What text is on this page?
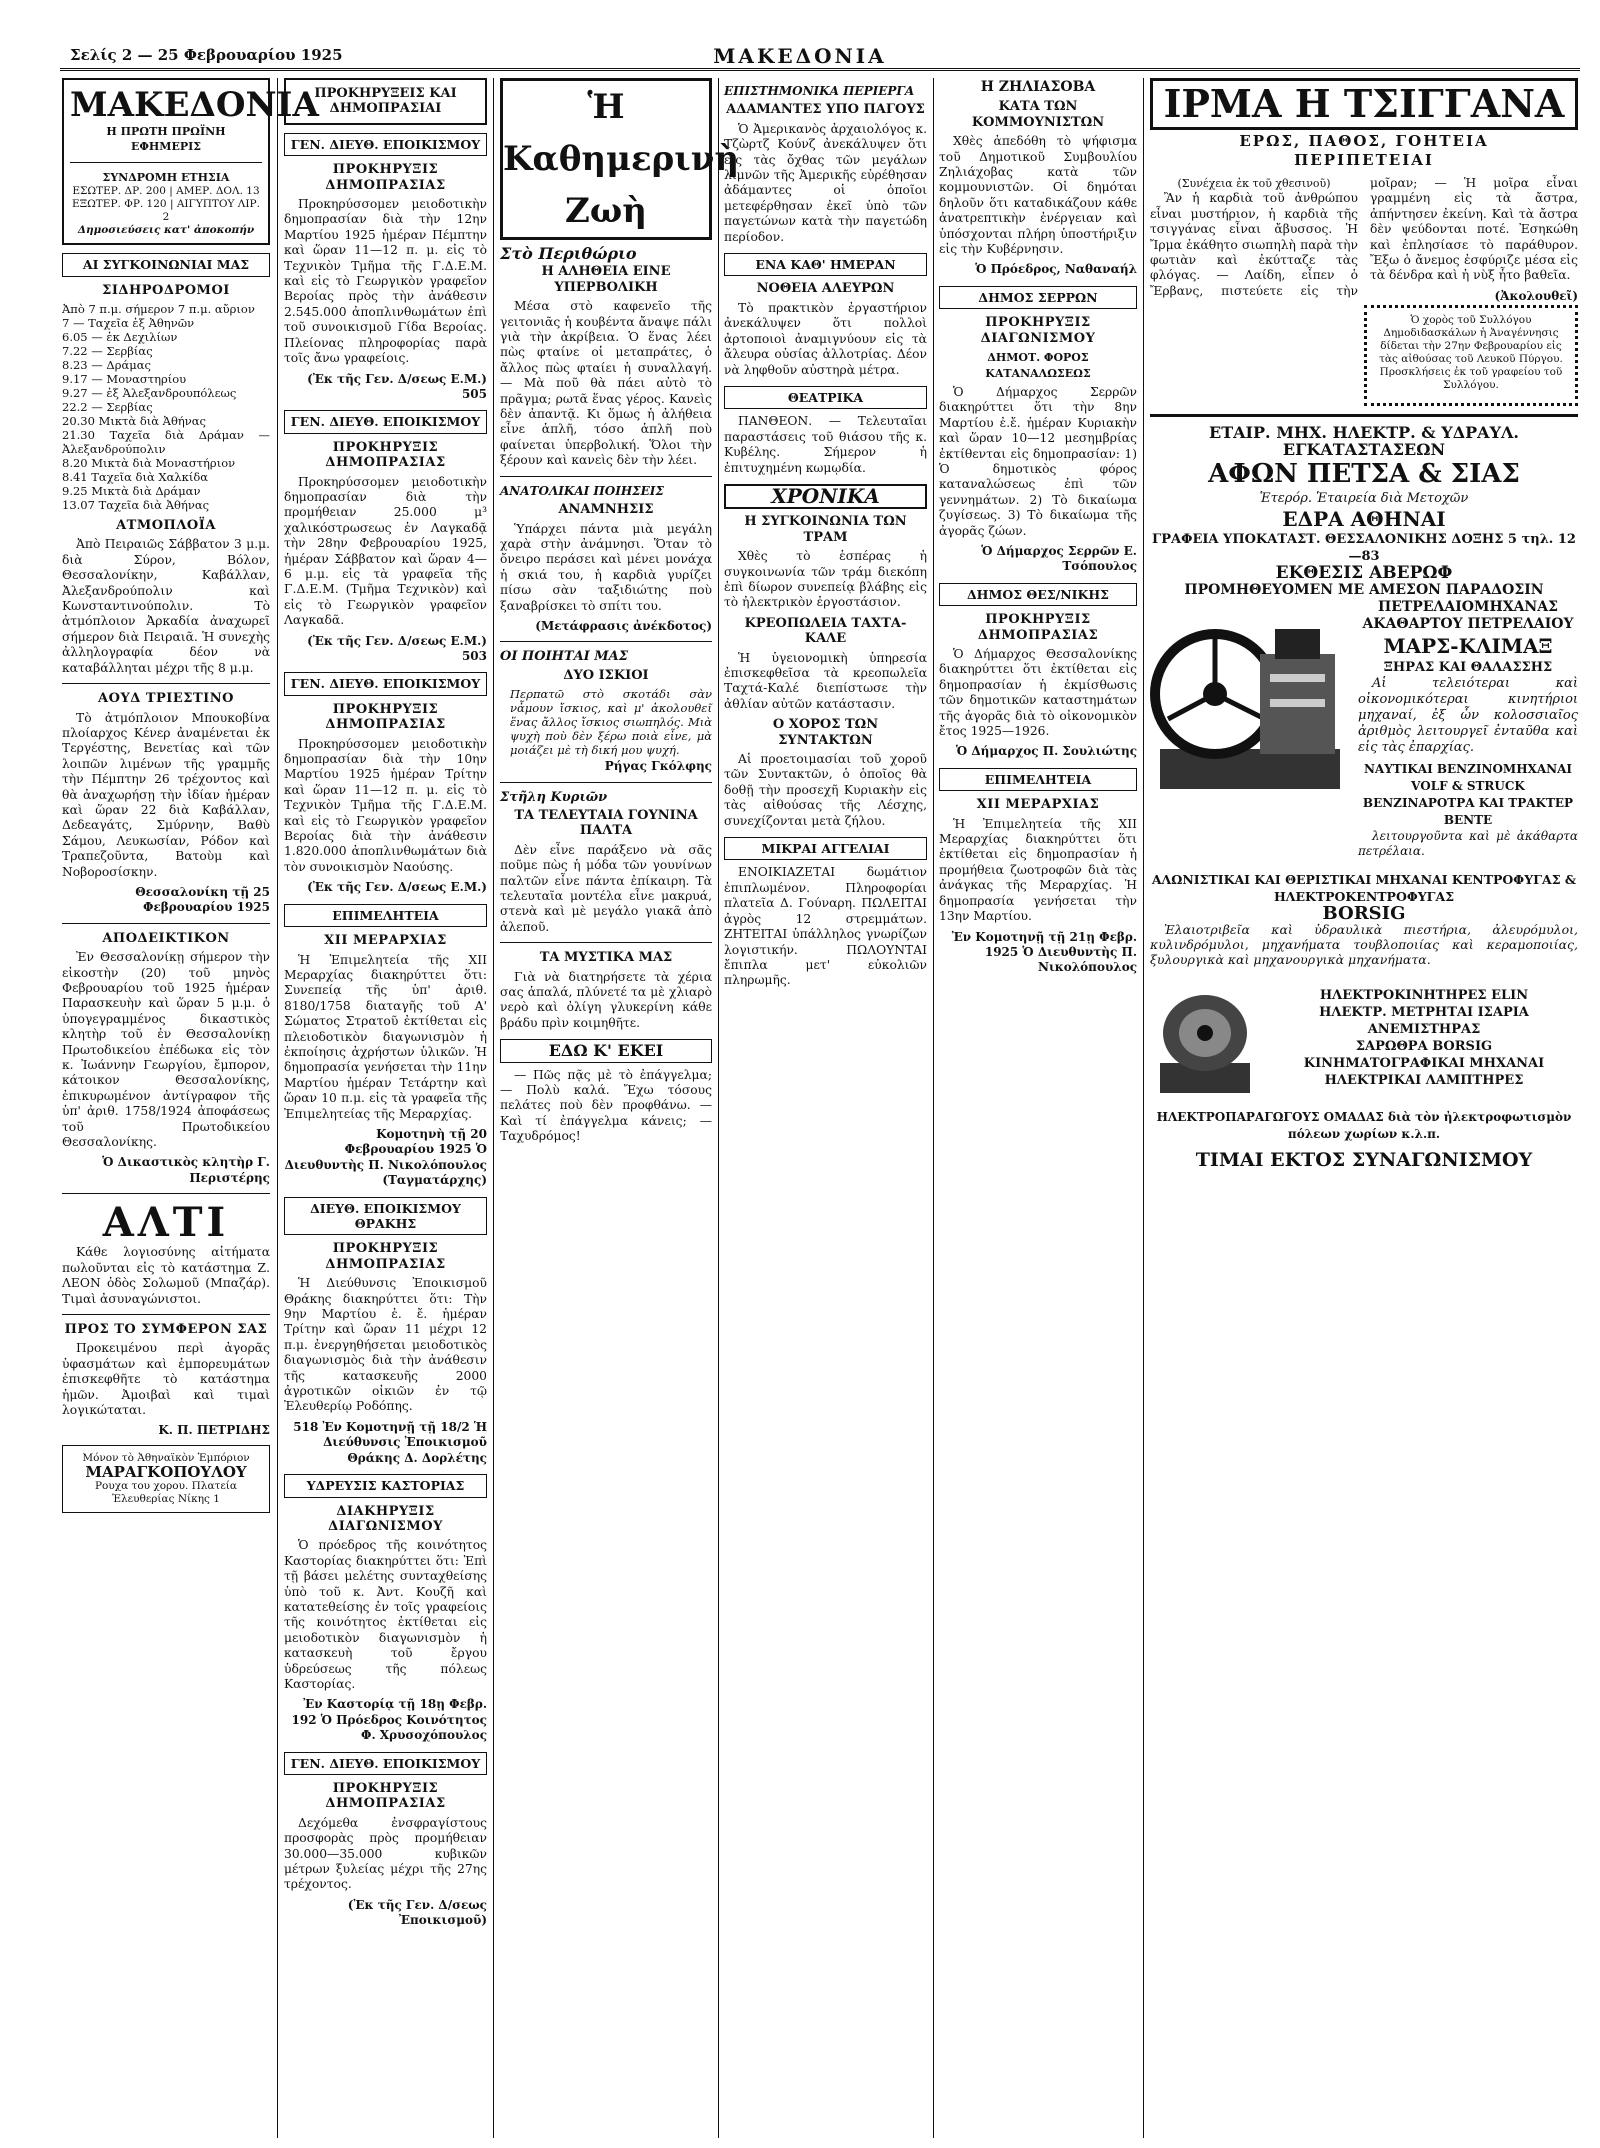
Σελίς 2 — 25 Φεβρουαρίου 1925	ΜΑΚΕΔΟΝΙΑ
ΜΑΚΕΔΟΝΙΑ
Η ΠΡΩΤΗ ΠΡΩΪΝΗ ΕΦΗΜΕΡΙΣ
ΣΥΝΔΡΟΜΗ ΕΤΗΣΙΑ
ΕΣΩΤΕΡ. ΔΡ. 200 | ΑΜΕΡ. ΔΟΛ. 13
ΕΞΩΤΕΡ. ΦΡ. 120 | ΑΙΓΥΠΤΟΥ ΛΙΡ. 2
Δημοσιεύσεις κατ' ἀποκοπήν
ΑΙ ΣΥΓΚΟΙΝΩΝΙΑΙ ΜΑΣ
ΣΙΔΗΡΟΔΡΟΜΟΙ
Ἀπὸ 7 π.μ. σήμερον 7 π.μ. αὔριον
7 — Ταχεῖα ἐξ Ἀθηνῶν
6.05 — ἐκ Δεχιλίων
7.22 — Σερβίας
8.23 — Δράμας
9.17 — Μοναστηρίου
9.27 — ἐξ Ἀλεξανδρουπόλεως
22.2 — Σερβίας
20.30 Μικτὰ διὰ Ἀθήνας
21.30 Ταχεῖα διὰ Δράμαν — Ἀλεξανδρούπολιν
8.20 Μικτὰ διὰ Μοναστήριον
8.41 Ταχεῖα διὰ Χαλκίδα
9.25 Μικτὰ διὰ Δράμαν
13.07 Ταχεῖα διὰ Ἀθήνας
ΑΤΜΟΠΛΟΪΑ

Ἀπὸ Πειραιῶς Σάββατον 3 μ.μ. διὰ Σύρον, Βόλον, Θεσσαλονίκην, Καβάλλαν, Ἀλεξανδρούπολιν καὶ Κωνσταντινούπολιν. Τὸ ἀτμόπλοιον Ἀρκαδία ἀναχωρεῖ σήμερον διὰ Πειραιᾶ. Ἡ συνεχὴς ἀλληλογραφία δέον νὰ καταβάλληται μέχρι τῆς 8 μ.μ.

ΑΟΥΔ ΤΡΙΕΣΤΙΝΟ

Τὸ ἀτμόπλοιον Μπουκοβίνα πλοίαρχος Κένερ ἀναμένεται ἐκ Τεργέστης, Βενετίας καὶ τῶν λοιπῶν λιμένων τῆς γραμμῆς τὴν Πέμπτην 26 τρέχοντος καὶ θὰ ἀναχωρήσῃ τὴν ἰδίαν ἡμέραν καὶ ὥραν 22 διὰ Καβάλλαν, Δεδεαγάτς, Σμύρνην, Βαθὺ Σάμου, Λευκωσίαν, Ρόδον καὶ Τραπεζοῦντα, Βατοὺμ καὶ Νοβοροσίσκην.

Θεσσαλονίκη τῇ 25 Φεβρουαρίου 1925
ΑΠΟΔΕΙΚΤΙΚΟΝ

Ἐν Θεσσαλονίκῃ σήμερον τὴν εἰκοστὴν (20) τοῦ μηνὸς Φεβρουαρίου τοῦ 1925 ἡμέραν Παρασκευὴν καὶ ὥραν 5 μ.μ. ὁ ὑπογεγραμμένος δικαστικὸς κλητὴρ τοῦ ἐν Θεσσαλονίκῃ Πρωτοδικείου ἐπέδωκα εἰς τὸν κ. Ἰωάννην Γεωργίου, ἔμπορον, κάτοικον Θεσσαλονίκης, ἐπικυρωμένον ἀντίγραφον τῆς ὑπ' ἀριθ. 1758/1924 ἀποφάσεως τοῦ Πρωτοδικείου Θεσσαλονίκης.

Ὁ Δικαστικὸς κλητὴρ Γ. Περιστέρης
ΑΛΤΙ

Κάθε λογιοσύνης αἰτήματα πωλοῦνται εἰς τὸ κατάστημα Ζ. ΛΕΟΝ ὁδὸς Σολωμοῦ (Μπαζάρ). Τιμαὶ ἀσυναγώνιστοι.

ΠΡΟΣ ΤΟ ΣΥΜΦΕΡΟΝ ΣΑΣ

Προκειμένου περὶ ἀγορᾶς ὑφασμάτων καὶ ἐμπορευμάτων ἐπισκεφθῆτε τὸ κατάστημα ἡμῶν. Ἀμοιβαὶ καὶ τιμαὶ λογικώταται.

Κ. Π. ΠΕΤΡΙΔΗΣ
Μόνον τὸ Ἀθηναϊκὸν Ἐμπόριον
ΜΑΡΑΓΚΟΠΟΥΛΟΥ
Ρουχα του χορου. Πλατεία Ἐλευθερίας Νίκης 1
ΠΡΟΚΗΡΥΞΕΙΣ ΚΑΙ ΔΗΜΟΠΡΑΣΙΑΙ
ΓΕΝ. ΔΙΕΥΘ. ΕΠΟΙΚΙΣΜΟΥ
ΠΡΟΚΗΡΥΞΙΣ ΔΗΜΟΠΡΑΣΙΑΣ

Προκηρύσσομεν μειοδοτικὴν δημοπρασίαν διὰ τὴν 12ην Μαρτίου 1925 ἡμέραν Πέμπτην καὶ ὥραν 11—12 π. μ. εἰς τὸ Τεχνικὸν Τμῆμα τῆς Γ.Δ.Ε.Μ. καὶ εἰς τὸ Γεωργικὸν γραφεῖον Βεροίας πρὸς τὴν ἀνάθεσιν 2.545.000 ἀποπλινθωμάτων ἐπὶ τοῦ συνοικισμοῦ Γίδα Βεροίας. Πλείονας πληροφορίας παρὰ τοῖς ἄνω γραφείοις.

(Ἐκ τῆς Γεν. Δ/σεως Ε.Μ.) 505
ΓΕΝ. ΔΙΕΥΘ. ΕΠΟΙΚΙΣΜΟΥ
ΠΡΟΚΗΡΥΞΙΣ ΔΗΜΟΠΡΑΣΙΑΣ

Προκηρύσσομεν μειοδοτικὴν δημοπρασίαν διὰ τὴν προμήθειαν 25.000 μ³ χαλικόστρωσεως ἐν Λαγκαδᾷ τὴν 28ην Φεβρουαρίου 1925, ἡμέραν Σάββατον καὶ ὥραν 4—6 μ.μ. εἰς τὰ γραφεῖα τῆς Γ.Δ.Ε.Μ. (Τμῆμα Τεχνικὸν) καὶ εἰς τὸ Γεωργικὸν γραφεῖον Λαγκαδᾶ.

(Ἐκ τῆς Γεν. Δ/σεως Ε.Μ.) 503
ΓΕΝ. ΔΙΕΥΘ. ΕΠΟΙΚΙΣΜΟΥ
ΠΡΟΚΗΡΥΞΙΣ ΔΗΜΟΠΡΑΣΙΑΣ

Προκηρύσσομεν μειοδοτικὴν δημοπρασίαν διὰ τὴν 10ην Μαρτίου 1925 ἡμέραν Τρίτην καὶ ὥραν 11—12 π. μ. εἰς τὸ Τεχνικὸν Τμῆμα τῆς Γ.Δ.Ε.Μ. καὶ εἰς τὸ Γεωργικὸν γραφεῖον Βεροίας διὰ τὴν ἀνάθεσιν 1.820.000 ἀποπλινθωμάτων διὰ τὸν συνοικισμὸν Ναούσης.

(Ἐκ τῆς Γεν. Δ/σεως Ε.Μ.)
ΕΠΙΜΕΛΗΤΕΙΑ
ΧΙΙ ΜΕΡΑΡΧΙΑΣ

Ἡ Ἐπιμελητεία τῆς ΧΙΙ Μεραρχίας διακηρύττει ὅτι: Συνεπείᾳ τῆς ὑπ' ἀριθ. 8180/1758 διαταγῆς τοῦ Α' Σώματος Στρατοῦ ἐκτίθεται εἰς πλειοδοτικὸν διαγωνισμὸν ἡ ἐκποίησις ἀχρήστων ὑλικῶν. Ἡ δημοπρασία γενήσεται τὴν 11ην Μαρτίου ἡμέραν Τετάρτην καὶ ὥραν 10 π.μ. εἰς τὰ γραφεῖα τῆς Ἐπιμελητείας τῆς Μεραρχίας.

Κομοτηνὴ τῇ 20 Φεβρουαρίου 1925 Ὁ Διευθυντὴς Π. Νικολόπουλος (Ταγματάρχης)
ΔΙΕΥΘ. ΕΠΟΙΚΙΣΜΟΥ ΘΡΑΚΗΣ
ΠΡΟΚΗΡΥΞΙΣ ΔΗΜΟΠΡΑΣΙΑΣ

Ἡ Διεύθυνσις Ἐποικισμοῦ Θράκης διακηρύττει ὅτι: Τὴν 9ην Μαρτίου ἐ. ἔ. ἡμέραν Τρίτην καὶ ὥραν 11 μέχρι 12 π.μ. ἐνεργηθήσεται μειοδοτικὸς διαγωνισμὸς διὰ τὴν ἀνάθεσιν τῆς κατασκευῆς 2000 ἀγροτικῶν οἰκιῶν ἐν τῷ Ἐλευθερίῳ Ροδόπης.

518 Ἐν Κομοτηνῇ τῇ 18/2 Ἡ Διεύθυνσις Ἐποικισμοῦ Θράκης Δ. Δορλέτης
ΥΔΡΕΥΣΙΣ ΚΑΣΤΟΡΙΑΣ
ΔΙΑΚΗΡΥΞΙΣ ΔΙΑΓΩΝΙΣΜΟΥ

Ὁ πρόεδρος τῆς κοινότητος Καστορίας διακηρύττει ὅτι: Ἐπὶ τῇ βάσει μελέτης συνταχθείσης ὑπὸ τοῦ κ. Ἀντ. Κουζῆ καὶ κατατεθείσης ἐν τοῖς γραφείοις τῆς κοινότητος ἐκτίθεται εἰς μειοδοτικὸν διαγωνισμὸν ἡ κατασκευὴ τοῦ ἔργου ὑδρεύσεως τῆς πόλεως Καστορίας.

Ἐν Καστορίᾳ τῇ 18ῃ Φεβρ. 192 Ὁ Πρόεδρος Κοινότητος Φ. Χρυσοχόπουλος
ΓΕΝ. ΔΙΕΥΘ. ΕΠΟΙΚΙΣΜΟΥ
ΠΡΟΚΗΡΥΞΙΣ ΔΗΜΟΠΡΑΣΙΑΣ

Δεχόμεθα ἐνσφραγίστους προσφορὰς πρὸς προμήθειαν 30.000—35.000 κυβικῶν μέτρων ξυλείας μέχρι τῆς 27ης τρέχοντος.

(Ἐκ τῆς Γεν. Δ/σεως Ἐποικισμοῦ)
Ἡ Καθημερινὴ Ζωὴ
Στὸ Περιθώριο
Η ΑΛΗΘΕΙΑ ΕΙΝΕ ΥΠΕΡΒΟΛΙΚΗ

Μέσα στὸ καφενεῖο τῆς γειτονιᾶς ἡ κουβέντα ἄναψε πάλι γιὰ τὴν ἀκρίβεια. Ὁ ἕνας λέει πὼς φταίνε οἱ μεταπράτες, ὁ ἄλλος πὼς φταίει ἡ συναλλαγή. — Μὰ ποῦ θὰ πάει αὐτὸ τὸ πρᾶγμα; ρωτᾶ ἕνας γέρος. Κανεὶς δὲν ἀπαντᾷ. Κι ὅμως ἡ ἀλήθεια εἶνε ἁπλῆ, τόσο ἁπλῆ ποὺ φαίνεται ὑπερβολική. Ὅλοι τὴν ξέρουν καὶ κανεὶς δὲν τὴν λέει.

ΑΝΑΤΟΛΙΚΑΙ ΠΟΙΗΣΕΙΣ
ΑΝΑΜΝΗΣΙΣ

Ὑπάρχει πάντα μιὰ μεγάλη χαρὰ στὴν ἀνάμνησι. Ὅταν τὸ ὄνειρο περάσει καὶ μένει μονάχα ἡ σκιά του, ἡ καρδιὰ γυρίζει πίσω σὰν ταξιδιώτης ποὺ ξαναβρίσκει τὸ σπίτι του.

(Μετάφρασις ἀνέκδοτος)
ΟΙ ΠΟΙΗΤΑΙ ΜΑΣ
ΔΥΟ ΙΣΚΙΟΙ
Περπατῶ στὸ σκοτάδι σὰν νἆμουν ἴσκιος, καὶ μ' ἀκολουθεῖ ἕνας ἄλλος ἴσκιος σιωπηλός. Μιὰ ψυχὴ ποὺ δὲν ξέρω ποιὰ εἶνε, μὰ μοιάζει μὲ τὴ δική μου ψυχή.
Ρήγας Γκόλφης
Στῆλη Κυριῶν
ΤΑ ΤΕΛΕΥΤΑΙΑ ΓΟΥΝΙΝΑ ΠΑΛΤΑ

Δὲν εἶνε παράξενο νὰ σᾶς ποῦμε πὼς ἡ μόδα τῶν γουνίνων παλτῶν εἶνε πάντα ἐπίκαιρη. Τὰ τελευταῖα μοντέλα εἶνε μακρυά, στενὰ καὶ μὲ μεγάλο γιακᾶ ἀπὸ ἀλεποῦ.

ΤΑ ΜΥΣΤΙΚΑ ΜΑΣ

Γιὰ νὰ διατηρήσετε τὰ χέρια σας ἁπαλά, πλύνετέ τα μὲ χλιαρὸ νερὸ καὶ ὀλίγη γλυκερίνη κάθε βράδυ πρὶν κοιμηθῆτε.

ΕΔΩ Κ' ΕΚΕΙ

— Πῶς πᾷς μὲ τὸ ἐπάγγελμα; — Πολὺ καλά. Ἔχω τόσους πελάτες ποὺ δὲν προφθάνω. — Καὶ τί ἐπάγγελμα κάνεις; — Ταχυδρόμος!

ΕΠΙΣΤΗΜΟΝΙΚΑ ΠΕΡΙΕΡΓΑ
ΑΔΑΜΑΝΤΕΣ ΥΠΟ ΠΑΓΟΥΣ

Ὁ Ἀμερικανὸς ἀρχαιολόγος κ. Τζὼρτζ Κούνζ ἀνεκάλυψεν ὅτι εἰς τὰς ὄχθας τῶν μεγάλων λιμνῶν τῆς Ἀμερικῆς εὑρέθησαν ἀδάμαντες οἱ ὁποῖοι μετεφέρθησαν ἐκεῖ ὑπὸ τῶν παγετώνων κατὰ τὴν παγετώδη περίοδον.

ΕΝΑ ΚΑΘ' ΗΜΕΡΑΝ
ΝΟΘΕΙΑ ΑΛΕΥΡΩΝ

Τὸ πρακτικὸν ἐργαστήριον ἀνεκάλυψεν ὅτι πολλοὶ ἀρτοποιοὶ ἀναμιγνύουν εἰς τὰ ἄλευρα οὐσίας ἀλλοτρίας. Δέον νὰ ληφθοῦν αὐστηρὰ μέτρα.

ΘΕΑΤΡΙΚΑ

ΠΑΝΘΕΟΝ. — Τελευταῖαι παραστάσεις τοῦ θιάσου τῆς κ. Κυβέλης. Σήμερον ἡ ἐπιτυχημένη κωμῳδία.

ΧΡΟΝΙΚΑ
Η ΣΥΓΚΟΙΝΩΝΙΑ ΤΩΝ ΤΡΑΜ

Χθὲς τὸ ἑσπέρας ἡ συγκοινωνία τῶν τράμ διεκόπη ἐπὶ δίωρον συνεπείᾳ βλάβης εἰς τὸ ἠλεκτρικὸν ἐργοστάσιον.

ΚΡΕΟΠΩΛΕΙΑ ΤΑΧΤΑ-ΚΑΛΕ

Ἡ ὑγειονομικὴ ὑπηρεσία ἐπισκεφθεῖσα τὰ κρεοπωλεῖα Ταχτά-Καλέ διεπίστωσε τὴν ἀθλίαν αὐτῶν κατάστασιν.

Ο ΧΟΡΟΣ ΤΩΝ ΣΥΝΤΑΚΤΩΝ

Αἱ προετοιμασίαι τοῦ χοροῦ τῶν Συντακτῶν, ὁ ὁποῖος θὰ δοθῇ τὴν προσεχῆ Κυριακὴν εἰς τὰς αἰθούσας τῆς Λέσχης, συνεχίζονται μετὰ ζήλου.

ΜΙΚΡΑΙ ΑΓΓΕΛΙΑΙ

ΕΝΟΙΚΙΑΖΕΤΑΙ δωμάτιον ἐπιπλωμένον. Πληροφορίαι πλατεῖα Δ. Γούναρη. ΠΩΛΕΙΤΑΙ ἀγρὸς 12 στρεμμάτων. ΖΗΤΕΙΤΑΙ ὑπάλληλος γνωρίζων λογιστικήν. ΠΩΛΟΥΝΤΑΙ ἔπιπλα μετ' εὐκολιῶν πληρωμῆς.

Η ΖΗΛΙΑΣΟΒΑ
ΚΑΤΑ ΤΩΝ ΚΟΜΜΟΥΝΙΣΤΩΝ

Χθὲς ἀπεδόθη τὸ ψήφισμα τοῦ Δημοτικοῦ Συμβουλίου Ζηλιάχοβας κατὰ τῶν κομμουνιστῶν. Οἱ δημόται δηλοῦν ὅτι καταδικάζουν κάθε ἀνατρεπτικὴν ἐνέργειαν καὶ ὑπόσχονται πλήρη ὑποστήριξιν εἰς τὴν Κυβέρνησιν.

Ὁ Πρόεδρος, Ναθαναήλ
ΔΗΜΟΣ ΣΕΡΡΩΝ
ΠΡΟΚΗΡΥΞΙΣ ΔΙΑΓΩΝΙΣΜΟΥ
ΔΗΜΟΤ. ΦΟΡΟΣ ΚΑΤΑΝΑΛΩΣΕΩΣ

Ὁ Δήμαρχος Σερρῶν διακηρύττει ὅτι τὴν 8ην Μαρτίου ἐ.ἔ. ἡμέραν Κυριακὴν καὶ ὥραν 10—12 μεσημβρίας ἐκτίθενται εἰς δημοπρασίαν: 1) Ὁ δημοτικὸς φόρος καταναλώσεως ἐπὶ τῶν γεννημάτων. 2) Τὸ δικαίωμα ζυγίσεως. 3) Τὸ δικαίωμα τῆς ἀγορᾶς ζώων.

Ὁ Δήμαρχος Σερρῶν Ε. Τσόπουλος
ΔΗΜΟΣ ΘΕΣ/ΝΙΚΗΣ
ΠΡΟΚΗΡΥΞΙΣ ΔΗΜΟΠΡΑΣΙΑΣ

Ὁ Δήμαρχος Θεσσαλονίκης διακηρύττει ὅτι ἐκτίθεται εἰς δημοπρασίαν ἡ ἐκμίσθωσις τῶν δημοτικῶν καταστημάτων τῆς ἀγορᾶς διὰ τὸ οἰκονομικὸν ἔτος 1925—1926.

Ὁ Δήμαρχος Π. Σουλιώτης
ΕΠΙΜΕΛΗΤΕΙΑ
ΧΙΙ ΜΕΡΑΡΧΙΑΣ

Ἡ Ἐπιμελητεία τῆς ΧΙΙ Μεραρχίας διακηρύττει ὅτι ἐκτίθεται εἰς δημοπρασίαν ἡ προμήθεια ζωοτροφῶν διὰ τὰς ἀνάγκας τῆς Μεραρχίας. Ἡ δημοπρασία γενήσεται τὴν 13ην Μαρτίου.

Ἐν Κομοτηνῇ τῇ 21ῃ Φεβρ. 1925 Ὁ Διευθυντὴς Π. Νικολόπουλος
ΙΡΜΑ Η ΤΣΙΓΓΑΝΑ
ΕΡΩΣ, ΠΑΘΟΣ, ΓΟΗΤΕΙΑ
ΠΕΡΙΠΕΤΕΙΑΙ
(Συνέχεια ἐκ τοῦ χθεσινοῦ)

Ἂν ἡ καρδιὰ τοῦ ἀνθρώπου εἶναι μυστήριον, ἡ καρδιὰ τῆς τσιγγάνας εἶναι ἄβυσσος. Ἡ Ἴρμα ἐκάθητο σιωπηλὴ παρὰ τὴν φωτιὰν καὶ ἐκύτταζε τὰς φλόγας. — Λαίδη, εἶπεν ὁ Ἔρβανς, πιστεύετε εἰς τὴν μοῖραν; — Ἡ μοῖρα εἶναι γραμμένη εἰς τὰ ἄστρα, ἀπήντησεν ἐκείνη. Καὶ τὰ ἄστρα δὲν ψεύδονται ποτέ. Ἐσηκώθη καὶ ἐπλησίασε τὸ παράθυρον. Ἔξω ὁ ἄνεμος ἐσφύριζε μέσα εἰς τὰ δένδρα καὶ ἡ νὺξ ἦτο βαθεῖα.

(Ἀκολουθεῖ)

Ὁ χορὸς τοῦ Συλλόγου Δημοδιδασκάλων ἡ Ἀναγέννησις δίδεται τὴν 27ην Φεβρουαρίου εἰς τὰς αἰθούσας τοῦ Λευκοῦ Πύργου. Προσκλήσεις ἐκ τοῦ γραφείου τοῦ Συλλόγου.

ΕΤΑΙΡ. ΜΗΧ. ΗΛΕΚΤΡ. & ΥΔΡΑΥΛ. ΕΓΚΑΤΑΣΤΑΣΕΩΝ
ΑΦΩΝ ΠΕΤΣΑ & ΣΙΑΣ
Ἑτερόρ. Ἑταιρεία διὰ Μετοχῶν
ΕΔΡΑ ΑΘΗΝΑΙ
ΓΡΑΦΕΙΑ ΥΠΟΚΑΤΑΣΤ. ΘΕΣΣΑΛΟΝΙΚΗΣ ΔΟΞΗΣ 5 τηλ. 12—83
ΕΚΘΕΣΙΣ ΑΒΕΡΩΦ
ΠΡΟΜΗΘΕΥΟΜΕΝ ΜΕ ΑΜΕΣΟΝ ΠΑΡΑΔΟΣΙΝ
ΠΕΤΡΕΛΑΙΟΜΗΧΑΝΑΣ ΑΚΑΘΑΡΤΟΥ ΠΕΤΡΕΛΑΙΟΥ
ΜΑΡΣ-ΚΛΙΜΑΞ
ΞΗΡΑΣ ΚΑΙ ΘΑΛΑΣΣΗΣ

Αἱ τελειότεραι καὶ οἰκονομικότεραι κινητήριοι μηχαναί, ἐξ ὧν κολοσσιαῖος ἀριθμὸς λειτουργεῖ ἐνταῦθα καὶ εἰς τὰς ἐπαρχίας.

ΝΑΥΤΙΚΑΙ ΒΕΝΖΙΝΟΜΗΧΑΝΑΙ VOLF & STRUCK ΒΕΝΖΙΝΑΡΟΤΡΑ ΚΑΙ ΤΡΑΚΤΕΡ ΒΕΝΤΕ

λειτουργοῦντα καὶ μὲ ἀκάθαρτα πετρέλαια.

ΑΛΩΝΙΣΤΙΚΑΙ ΚΑΙ ΘΕΡΙΣΤΙΚΑΙ ΜΗΧΑΝΑΙ ΚΕΝΤΡΟΦΥΓΑΣ & ΗΛΕΚΤΡΟΚΕΝΤΡΟΦΥΓΑΣ
BORSIG

Ἐλαιοτριβεῖα καὶ ὑδραυλικὰ πιεστήρια, ἀλευρόμυλοι, κυλινδρόμυλοι, μηχανήματα τουβλοποιίας καὶ κεραμοποιίας, ξυλουργικὰ καὶ μηχανουργικὰ μηχανήματα.

ΗΛΕΚΤΡΟΚΙΝΗΤΗΡΕΣ ELIN
ΗΛΕΚΤΡ. ΜΕΤΡΗΤΑΙ ΙΣΑΡΙΑ
ΑΝΕΜΙΣΤΗΡΑΣ
ΣΑΡΩΘΡΑ BORSIG
ΚΙΝΗΜΑΤΟΓΡΑΦΙΚΑΙ ΜΗΧΑΝΑΙ
ΗΛΕΚΤΡΙΚΑΙ ΛΑΜΠΤΗΡΕΣ
ΗΛΕΚΤΡΟΠΑΡΑΓΩΓΟΥΣ ΟΜΑΔΑΣ διὰ τὸν ἠλεκτροφωτισμὸν πόλεων χωρίων κ.λ.π.
ΤΙΜΑΙ ΕΚΤΟΣ ΣΥΝΑΓΩΝΙΣΜΟΥ
